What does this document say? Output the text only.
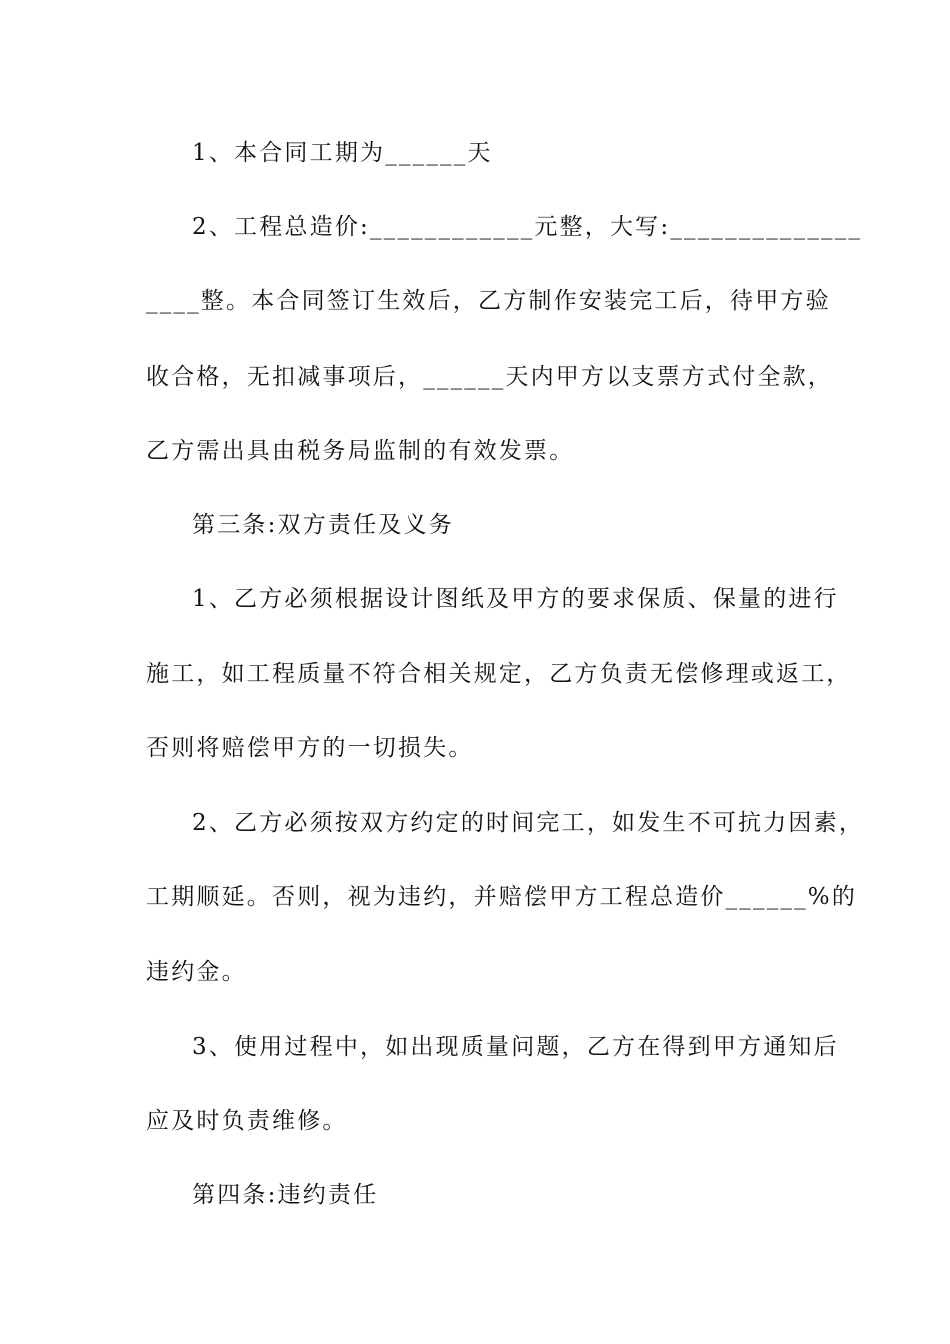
1、本合同工期为______天
2、工程总造价:____________元整，大写:______________
____整。本合同签订生效后，乙方制作安装完工后，待甲方验
收合格，无扣减事项后，______天内甲方以支票方式付全款，
乙方需出具由税务局监制的有效发票。
第三条:双方责任及义务
1、乙方必须根据设计图纸及甲方的要求保质、保量的进行
施工，如工程质量不符合相关规定，乙方负责无偿修理或返工，
否则将赔偿甲方的一切损失。
2、乙方必须按双方约定的时间完工，如发生不可抗力因素，
工期顺延。否则，视为违约，并赔偿甲方工程总造价______%的
违约金。
3、使用过程中，如出现质量问题，乙方在得到甲方通知后
应及时负责维修。
第四条:违约责任
